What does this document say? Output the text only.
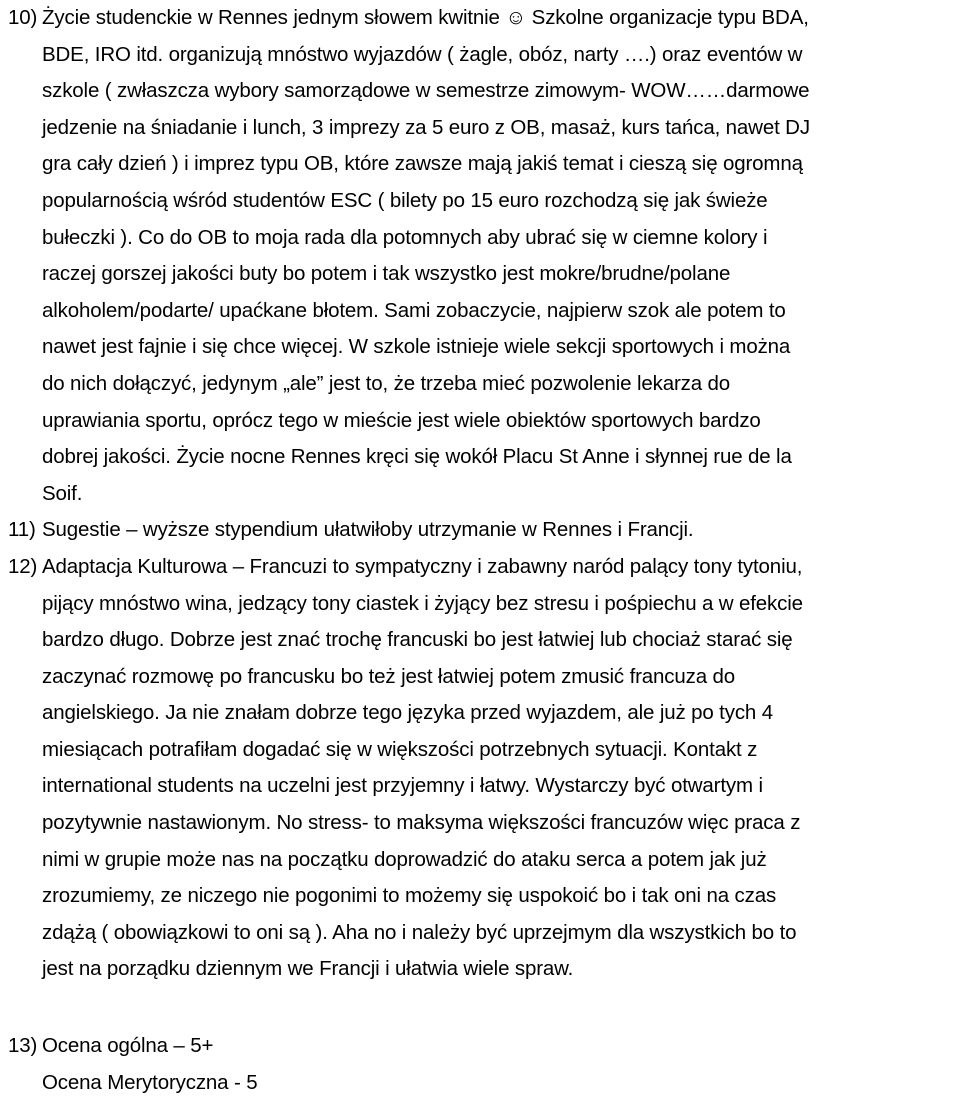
10) Życie studenckie w Rennes jednym słowem kwitnie ☺ Szkolne organizacje typu BDA,
BDE, IRO itd. organizują mnóstwo wyjazdów ( żagle, obóz, narty ….) oraz eventów w
szkole ( zwłaszcza wybory samorządowe w semestrze zimowym- WOW……darmowe
jedzenie na śniadanie i lunch, 3 imprezy za 5 euro z OB, masaż, kurs tańca, nawet DJ
gra cały dzień ) i imprez typu OB, które zawsze mają jakiś temat i cieszą się ogromną
popularnością wśród studentów ESC ( bilety po 15 euro rozchodzą się jak świeże
bułeczki ). Co do OB to moja rada dla potomnych aby ubrać się w ciemne kolory i
raczej gorszej jakości buty bo potem i tak wszystko jest mokre/brudne/polane
alkoholem/podarte/ upaćkane błotem. Sami zobaczycie, najpierw szok ale potem to
nawet jest fajnie i się chce więcej. W szkole istnieje wiele sekcji sportowych i można
do nich dołączyć, jedynym „ale” jest to, że trzeba mieć pozwolenie lekarza do
uprawiania sportu, oprócz tego w mieście jest wiele obiektów sportowych bardzo
dobrej jakości. Życie nocne Rennes kręci się wokół Placu St Anne i słynnej rue de la
Soif.
11) Sugestie – wyższe stypendium ułatwiłoby utrzymanie w Rennes i Francji.
12) Adaptacja Kulturowa – Francuzi to sympatyczny i zabawny naród palący tony tytoniu,
pijący mnóstwo wina, jedzący tony ciastek i żyjący bez stresu i pośpiechu a w efekcie
bardzo długo. Dobrze jest znać trochę francuski bo jest łatwiej lub chociaż starać się
zaczynać rozmowę po francusku bo też jest łatwiej potem zmusić francuza do
angielskiego. Ja nie znałam dobrze tego języka przed wyjazdem, ale już po tych 4
miesiącach potrafiłam dogadać się w większości potrzebnych sytuacji. Kontakt z
international students na uczelni jest przyjemny i łatwy. Wystarczy być otwartym i
pozytywnie nastawionym. No stress- to maksyma większości francuzów więc praca z
nimi w grupie może nas na początku doprowadzić do ataku serca a potem jak już
zrozumiemy, ze niczego nie pogonimi to możemy się uspokoić bo i tak oni na czas
zdążą ( obowiązkowi to oni są ). Aha no i należy być uprzejmym dla wszystkich bo to
jest na porządku dziennym we Francji i ułatwia wiele spraw.
13) Ocena ogólna – 5+
Ocena Merytoryczna - 5
